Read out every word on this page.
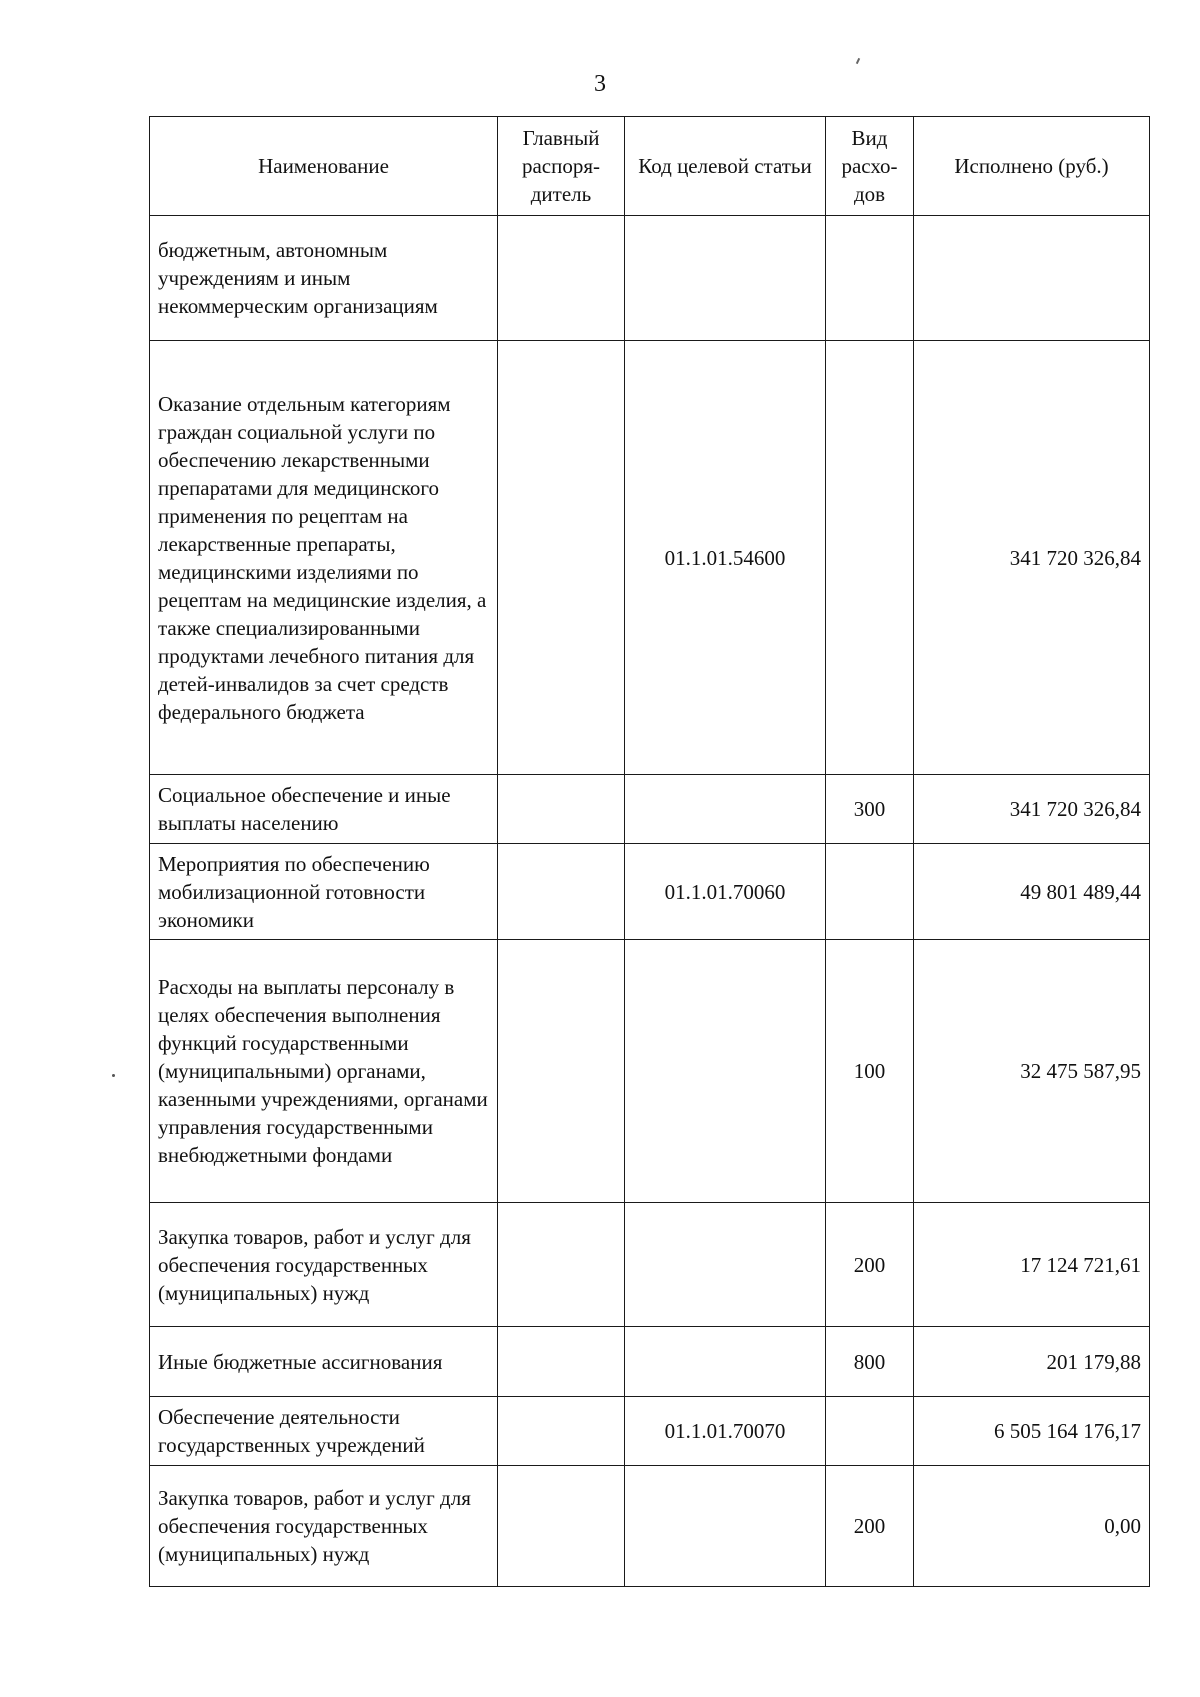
3
Наименование	Главный распоря-дитель	Код целевой статьи	Вид расхо-дов	Исполнено (руб.)
бюджетным, автономным учреждениям и иным некоммерческим организациям				
Оказание отдельным категориям граждан социальной услуги по обеспечению лекарственными препаратами для медицинского применения по рецептам на лекарственные препараты, медицинскими изделиями по рецептам на медицинские изделия, а также специализированными продуктами лечебного питания для детей-инвалидов за счет средств федерального бюджета		01.1.01.54600		341 720 326,84
Социальное обеспечение и иные выплаты населению			300	341 720 326,84
Мероприятия по обеспечению мобилизационной готовности экономики		01.1.01.70060		49 801 489,44
Расходы на выплаты персоналу в целях обеспечения выполнения функций государственными (муниципальными) органами, казенными учреждениями, органами управления государственными внебюджетными фондами			100	32 475 587,95
Закупка товаров, работ и услуг для обеспечения государственных (муниципальных) нужд			200	17 124 721,61
Иные бюджетные ассигнования			800	201 179,88
Обеспечение деятельности государственных учреждений		01.1.01.70070		6 505 164 176,17
Закупка товаров, работ и услуг для обеспечения государственных (муниципальных) нужд			200	0,00
